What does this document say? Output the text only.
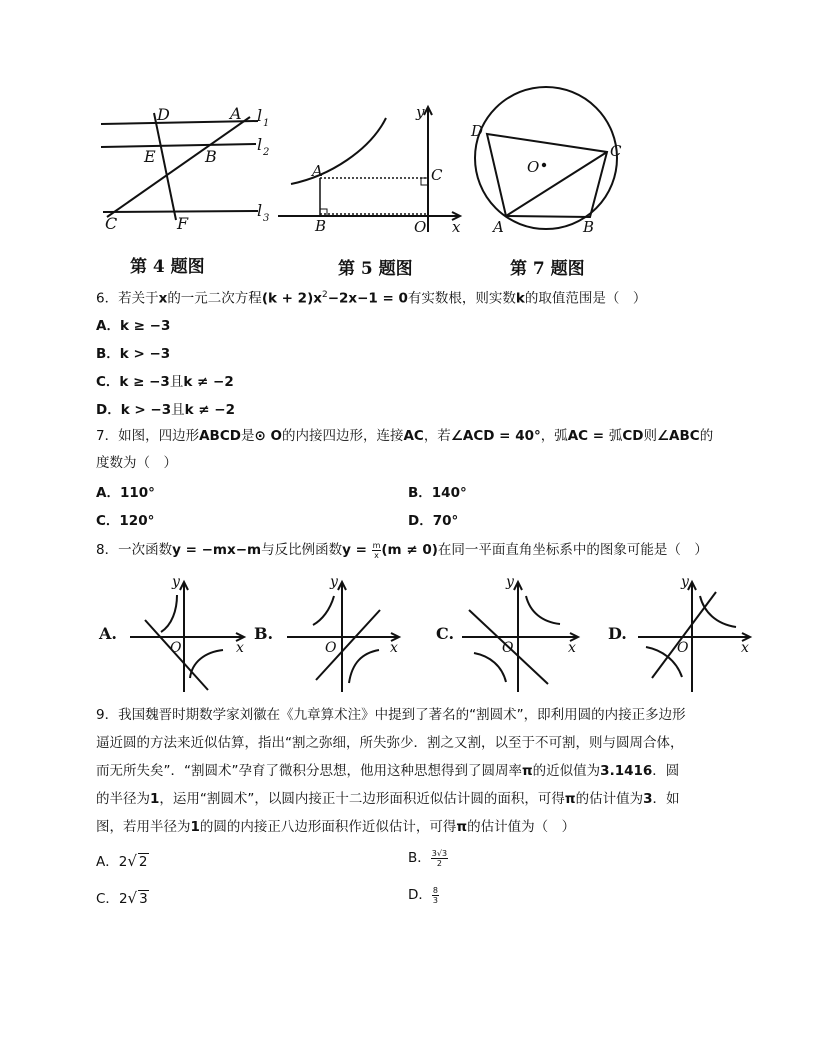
D	A l 1
l 2
E	B
C	F
l 3
y
A	C
B	O x
D
C
O
A	B
y
O	x
y
O	x
y
O	x
y
O	x
第 4 题图	第 5 题图	第 7 题图
6．若关于x的一元二次方程$(k + 2)x^2-2x-1 = 0$有实数根，则实数k的取值范围是（　）
A．k ≥ −3
B．k > −3
C．k ≥ −3且k ≠ −2
D．k > −3且k ≠ −2
7．如图，四边形ABCD是⊙ O的内接四边形，连接AC，若∠ACD = 40°，弧AC = 弧CD则∠ABC的
度数为（　）
A．110°	B．140°
C．120°	D．70°
8．一次函数y = −mx−m与反比例函数$y = \frac{m}{x} (m \ne 0)$在同一平面直角坐标系中的图象可能是（　）
A.	B.	C.	D.
9．我国魏晋时期数学家刘徽在《九章算术注》中提到了著名的“割圆术”，即利用圆的内接正多边形
逼近圆的方法来近似估算，指出“割之弥细，所失弥少．割之又割，以至于不可割，则与圆周合体，
而无所失矣”．“割圆术”孕育了微积分思想，他用这种思想得到了圆周率π的近似值为3.1416．圆
的半径为1，运用“割圆术”，以圆内接正十二边形面积近似估计圆的面积，可得π的估计值为3．如
图，若用半径为1的圆的内接正八边形面积作近似估计，可得π的估计值为（　）
A．2√ 2	B． $\frac{3√3}{2}$
C．2√ 3	D． $\frac{8}{3}$
